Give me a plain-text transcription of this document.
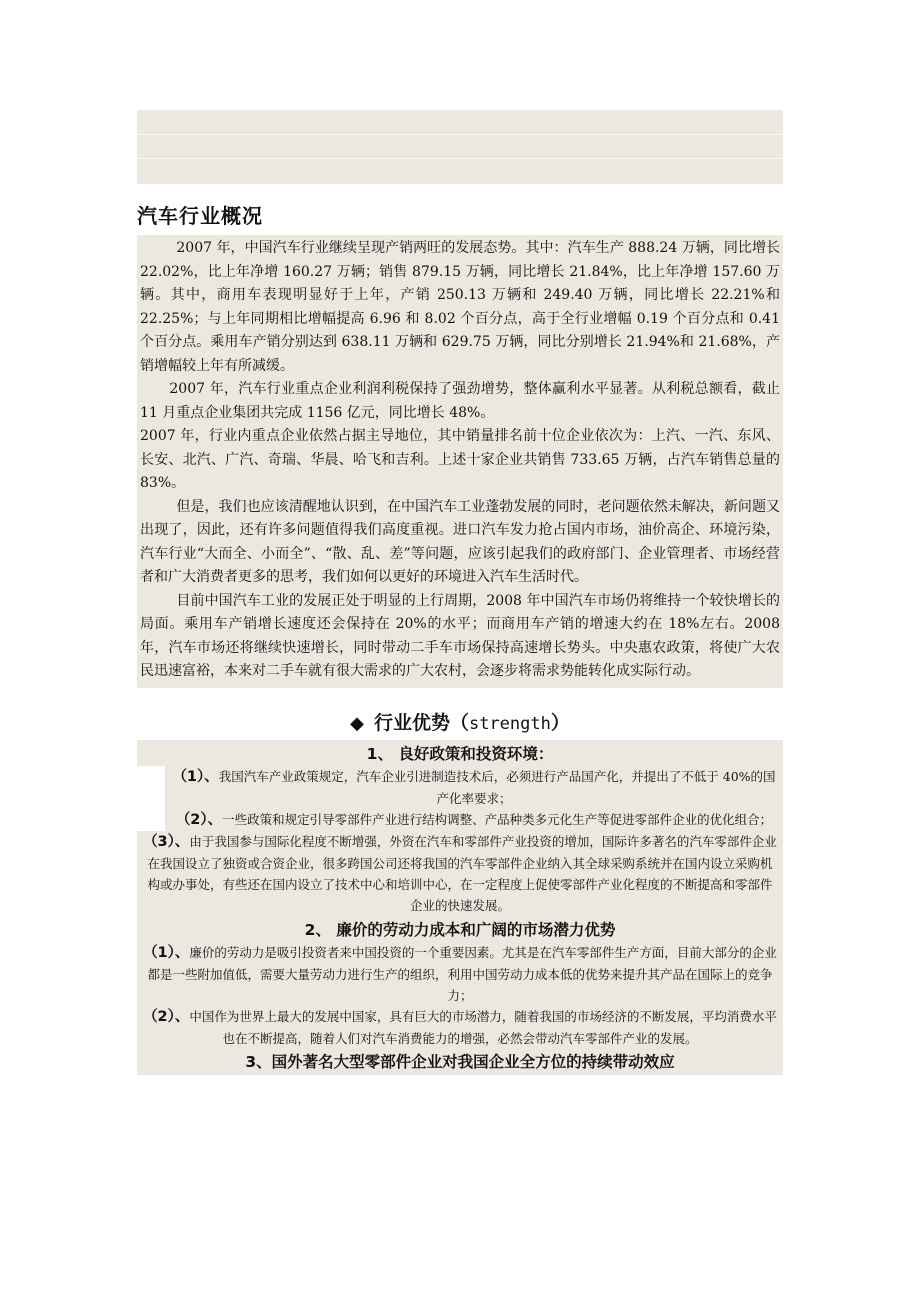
汽车行业概况

2007 年，中国汽车行业继续呈现产销两旺的发展态势。其中：汽车生产 888.24 万辆，同比增长 22.02%，比上年净增 160.27 万辆；销售 879.15 万辆，同比增长 21.84%，比上年净增 157.60 万辆。其中，商用车表现明显好于上年，产销 250.13 万辆和 249.40 万辆，同比增长 22.21%和 22.25%；与上年同期相比增幅提高 6.96 和 8.02 个百分点，高于全行业增幅 0.19 个百分点和 0.41 个百分点。乘用车产销分别达到 638.11 万辆和 629.75 万辆，同比分别增长 21.94%和 21.68%，产销增幅较上年有所减缓。

2007 年，汽车行业重点企业利润利税保持了强劲增势，整体赢利水平显著。从利税总额看，截止 11 月重点企业集团共完成 1156 亿元，同比增长 48%。

2007 年，行业内重点企业依然占据主导地位，其中销量排名前十位企业依次为：上汽、一汽、东风、长安、北汽、广汽、奇瑞、华晨、哈飞和吉利。上述十家企业共销售 733.65 万辆，占汽车销售总量的 83%。

但是，我们也应该清醒地认识到，在中国汽车工业蓬勃发展的同时，老问题依然未解决，新问题又出现了，因此，还有许多问题值得我们高度重视。进口汽车发力抢占国内市场，油价高企、环境污染，汽车行业“大而全、小而全”、“散、乱、差”等问题，应该引起我们的政府部门、企业管理者、市场经营者和广大消费者更多的思考，我们如何以更好的环境进入汽车生活时代。

目前中国汽车工业的发展正处于明显的上行周期，2008 年中国汽车市场仍将维持一个较快增长的局面。乘用车产销增长速度还会保持在 20%的水平；而商用车产销的增速大约在 18%左右。2008 年，汽车市场还将继续快速增长，同时带动二手车市场保持高速增长势头。中央惠农政策，将使广大农民迅速富裕，本来对二手车就有很大需求的广大农村，会逐步将需求势能转化成实际行动。

◆ 行业优势（strength）
1、 良好政策和投资环境：
（1）、我国汽车产业政策规定，汽车企业引进制造技术后，必须进行产品国产化，并提出了不低于 40%的国产化率要求；
（2）、一些政策和规定引导零部件产业进行结构调整、产品种类多元化生产等促进零部件企业的优化组合；
（3）、由于我国参与国际化程度不断增强，外资在汽车和零部件产业投资的增加，国际许多著名的汽车零部件企业在我国设立了独资或合资企业，很多跨国公司还将我国的汽车零部件企业纳入其全球采购系统并在国内设立采购机构或办事处，有些还在国内设立了技术中心和培训中心，在一定程度上促使零部件产业化程度的不断提高和零部件企业的快速发展。
2、 廉价的劳动力成本和广阔的市场潜力优势
（1）、廉价的劳动力是吸引投资者来中国投资的一个重要因素。尤其是在汽车零部件生产方面，目前大部分的企业都是一些附加值低，需要大量劳动力进行生产的组织，利用中国劳动力成本低的优势来提升其产品在国际上的竞争力；
（2）、中国作为世界上最大的发展中国家，具有巨大的市场潜力，随着我国的市场经济的不断发展，平均消费水平也在不断提高，随着人们对汽车消费能力的增强，必然会带动汽车零部件产业的发展。
3、国外著名大型零部件企业对我国企业全方位的持续带动效应
